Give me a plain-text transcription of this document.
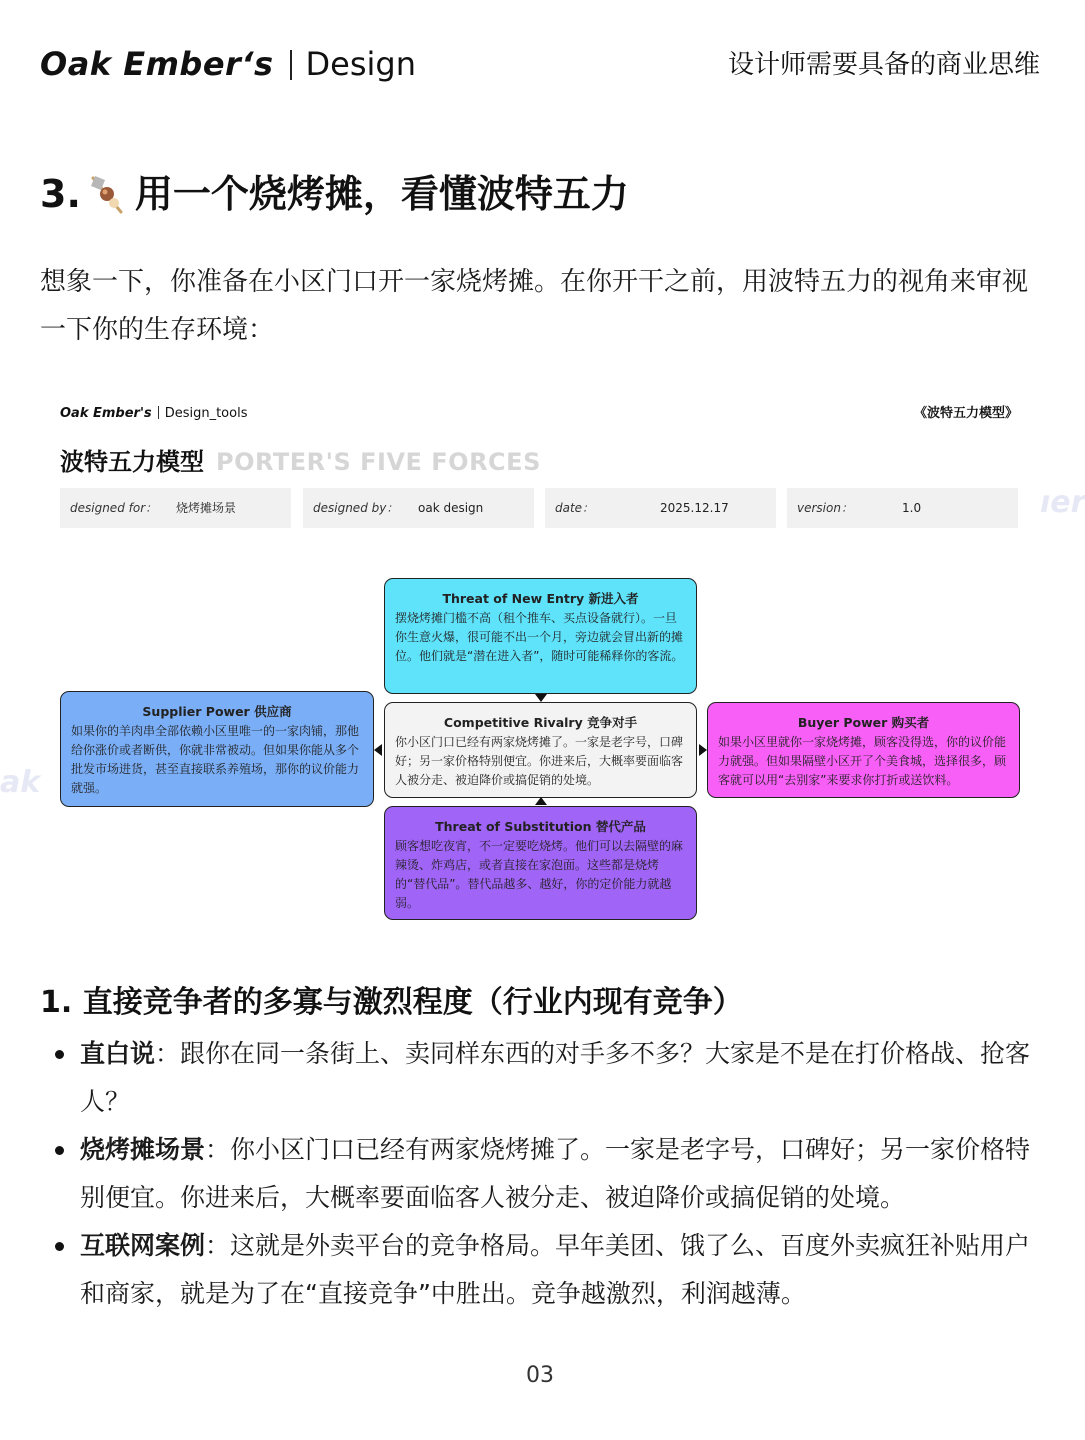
Oak Ember‘s Design	设计师需要具备的商业思维
3. 用一个烧烤摊，看懂波特五力
想象一下，你准备在小区门口开一家烧烤摊。在你开干之前，用波特五力的视角来审视一下你的生存环境：
Oak Ember's Design_tools	《波特五力模型》
波特五力模型 PORTER'S FIVE FORCES
designed for： 烧烤摊场景	designed by： oak design	date：	2025.12.17	version：	1.0
ak
ıer
Threat of New Entry 新进入者
摆烧烤摊门槛不高（租个推车、买点设备就行）。一旦你生意火爆，很可能不出一个月，旁边就会冒出新的摊位。他们就是“潜在进入者”，随时可能稀释你的客流。
Supplier Power 供应商
如果你的羊肉串全部依赖小区里唯一的一家肉铺，那他给你涨价或者断供，你就非常被动。但如果你能从多个批发市场进货，甚至直接联系养殖场，那你的议价能力就强。
Competitive Rivalry 竞争对手
你小区门口已经有两家烧烤摊了。一家是老字号，口碑好；另一家价格特别便宜。你进来后，大概率要面临客人被分走、被迫降价或搞促销的处境。
Buyer Power 购买者
如果小区里就你一家烧烤摊，顾客没得选，你的议价能力就强。但如果隔壁小区开了个美食城，选择很多，顾客就可以用“去别家”来要求你打折或送饮料。
Threat of Substitution 替代产品
顾客想吃夜宵，不一定要吃烧烤。他们可以去隔壁的麻辣烫、炸鸡店，或者直接在家泡面。这些都是烧烤的“替代品”。替代品越多、越好，你的定价能力就越弱。
1. 直接竞争者的多寡与激烈程度（行业内现有竞争）
直白说：跟你在同一条街上、卖同样东西的对手多不多？大家是不是在打价格战、抢客人？
烧烤摊场景：你小区门口已经有两家烧烤摊了。一家是老字号，口碑好；另一家价格特别便宜。你进来后，大概率要面临客人被分走、被迫降价或搞促销的处境。
互联网案例：这就是外卖平台的竞争格局。早年美团、饿了么、百度外卖疯狂补贴用户和商家，就是为了在“直接竞争”中胜出。竞争越激烈，利润越薄。
03
